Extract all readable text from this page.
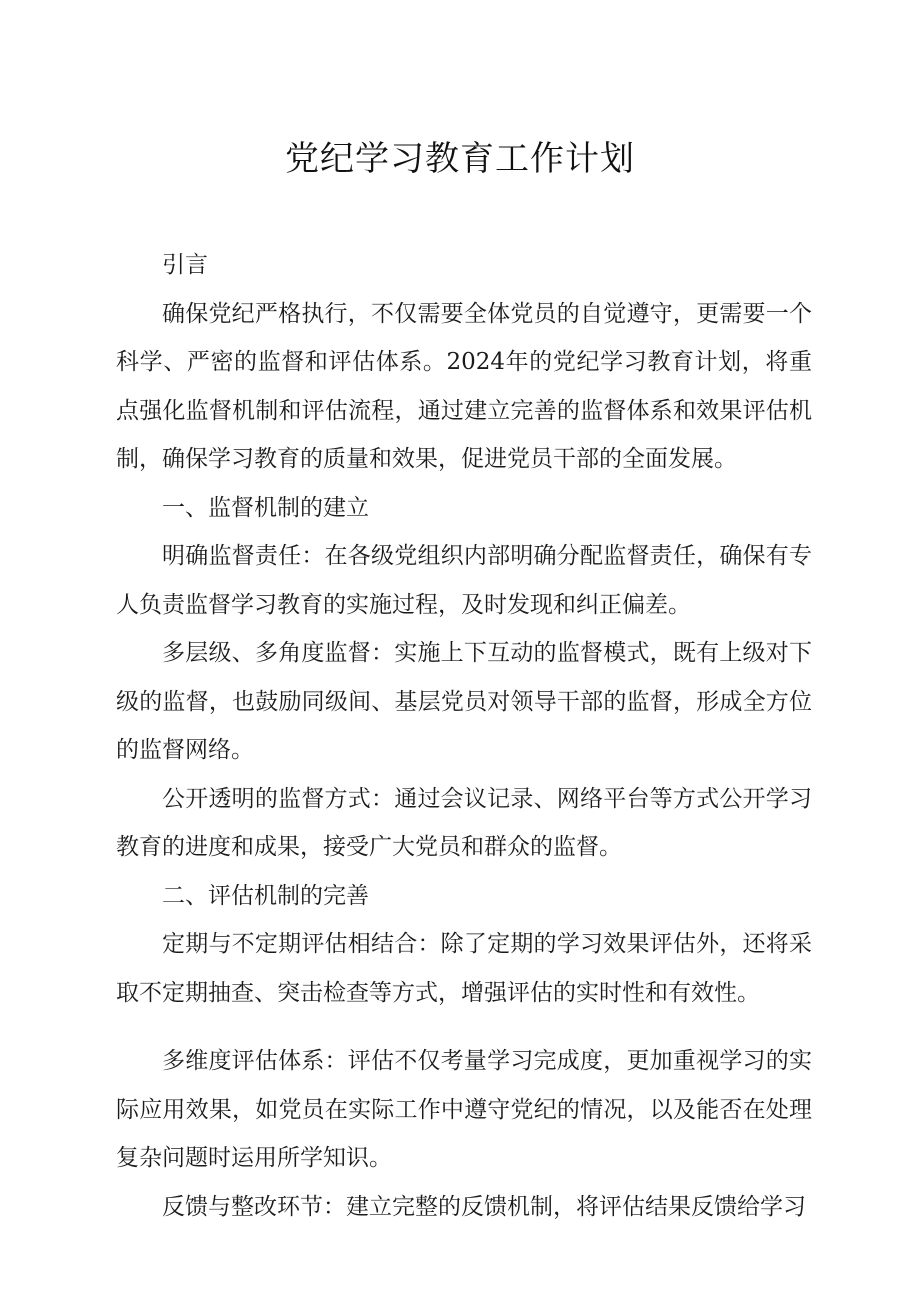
党纪学习教育工作计划

引言

确保党纪严格执行，不仅需要全体党员的自觉遵守，更需要一个科学、严密的监督和评估体系。2024年的党纪学习教育计划，将重点强化监督机制和评估流程，通过建立完善的监督体系和效果评估机制，确保学习教育的质量和效果，促进党员干部的全面发展。

一、监督机制的建立

明确监督责任：在各级党组织内部明确分配监督责任，确保有专人负责监督学习教育的实施过程，及时发现和纠正偏差。

多层级、多角度监督：实施上下互动的监督模式，既有上级对下级的监督，也鼓励同级间、基层党员对领导干部的监督，形成全方位的监督网络。

公开透明的监督方式：通过会议记录、网络平台等方式公开学习教育的进度和成果，接受广大党员和群众的监督。

二、评估机制的完善

定期与不定期评估相结合：除了定期的学习效果评估外，还将采取不定期抽查、突击检查等方式，增强评估的实时性和有效性。

多维度评估体系：评估不仅考量学习完成度，更加重视学习的实际应用效果，如党员在实际工作中遵守党纪的情况，以及能否在处理复杂问题时运用所学知识。

反馈与整改环节：建立完整的反馈机制，将评估结果反馈给学习
